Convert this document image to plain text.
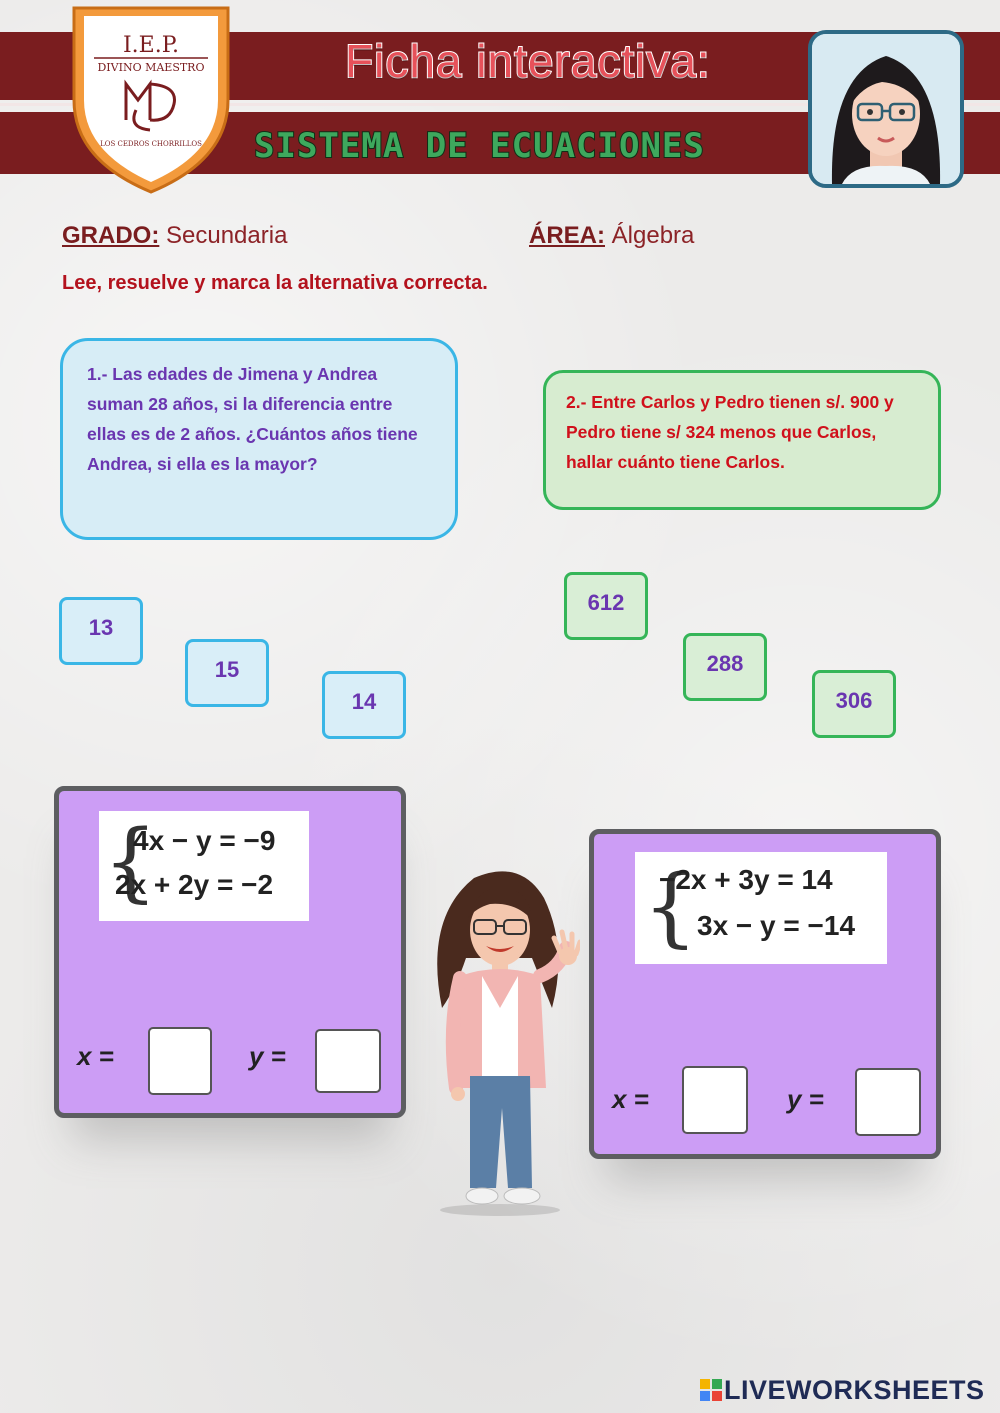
I.E.P.
DIVINO MAESTRO
LOS CEDROS CHORRILLOS
Ficha interactiva:
SISTEMA DE ECUACIONES
GRADO: Secundaria	ÁREA: Álgebra
Lee, resuelve y marca la alternativa correcta.
1.- Las edades de Jimena y Andrea suman 28 años, si la diferencia entre ellas es de 2 años. ¿Cuántos años tiene Andrea, si ella es la mayor?
2.- Entre Carlos y Pedro tienen s/. 900 y Pedro tiene s/ 324 menos que Carlos, hallar cuánto tiene Carlos.
13
15
14
612
288
306
{
4x − y = −9
2x + 2y = −2
x =	y =
{
−2x + 3y = 14
3x − y = −14
x =	y =
LIVEWORKSHEETS
